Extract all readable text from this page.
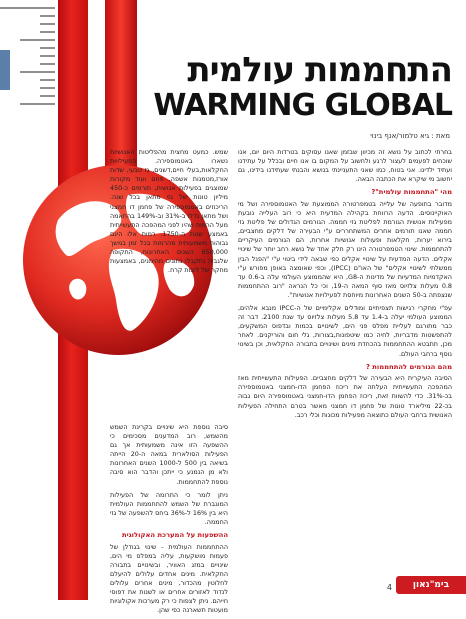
התחממות עולמית
WARMING GLOBAL
מאת : גיא טלמור/אנף בינוי

בחרתי לכתוב על נושא זה מכיוון שבזמן שאנו עסוקים בטרדות היום יום, אנו שוכחים לפעמים לעצור לרגע ולחשוב על המקום בו אנו חיים ובכלל על עתידנו ועתיד ילדינו. אני בטוח, כמו שאני התעניינתי בנושא והבנתי שעתידנו בידינו, גם יחשוב מי שיקרא את הכתבה הבאה.

מהי "התחממות עולמית"?

מדובר בתופעה של עלייה בטמפרטורה הממוצעת של האטמוספירה ושל מי האוקיינוסים. הדעה הרווחת בקהילה המדעית היא כי רוב העלייה נובעת מפעילות אנושית הגורמת לפליטת גזי חממה. הגורמים הגדולים של פליטת גזי חממה שאנו תורמים אחרים המשתחררים ע"י הבעירה של דלקים מחצביים, בירוא יערות, חקלאות ופעולות אנושיות אחרות, הם הגורמים העיקריים להתחממות. שינוי הטמפרטורה הינו רק חלק אחד של נושא רחב יותר של שינויי אקלים. הדעה המדעית על שינויי אקלים כפי שבאה לידי ביטוי ע"י "הפנל הבין ממשלתי לשינויי אקלים" של האו"ם (IPCC), וכפי שאומצה באופן מפורש ע"י האקדמיות המדעיות של מדינות ה-G8, היא שהממוצע העולמי עלה ב-0.6 עד 0.8 מעלות צלזיוס מאז סוף המאה ה-19, וכי כל הנראה "רוב ההתחממות שנצפתה ב-50 השנים האחרונות מיוחסת לפעילויות אנושיות".

עפ"י מחקרי רגישות תצפיתיים ומודלים אקלימיים של ה-IPCC מנבא אלהים, הממוצע העולמי יעלה ב-1.4 עד 5.8 מעלות צלזיוס עד שנת 2100. דבר זה כבר מתורגם לעליית מפלס פני הים, לשינויים בכמות ובדפוס המשקעים, להתפשטות מדבריות, לחיה כמו שיטפונות,בצורות, גלי חום והוריקנים. לאחר מכן, תתבטא ההתחממות בהכחדת מינים ושינויים בתבורה החקלאית, וכן בשינוי נוסף ברחבי העולם.

מהם הגורמים להתחממות ?

הסיבה העיקרית היא הבעירה של דלקים מחצביים. הפעילות התעשייתית מאז המהפכה התעשייתית העלתה את ריכוז הפחמן הדו-חמצני באטמוספירה בכ-31%. כדי להשוות זאת, ריכוז הפחמן הדו-חמצני באטמוספירה היום גבוה בכ-22 מיליארד טונות של פחמן דו חמצני מאשר בטרם התחילה הפעילות האנושית ברחבי העולם כתוצאה מפעילות מכונות וכלי רכב.

שמש. כמעט מחצית מהפליטות האנושיות נשארו באטמוספירה. הפעילויות החקלאות,בעלי חיים,דשנים, גז טבעי, שדות אורז,מטמנות אשפה, פחם ועוד מקורות שמוצגים בפעילות אנושית, תורמים כ-450 מיליון טונות של גזי מתאן בכל שנה. הריכוזים באטמוספירה של פחמן דו חמצני ושל מתאן גדלו ב-31% וב-149% בהתאמה מעל הרמות שהיו לפני המהפכה התעשייתית באמצע שנות ה-1750. רמות אלו הינם גבוהות משמעותית מהרמות בכל זמן במשך 650,000 השנים האחרונות, התקופה שלגביה נתקבלו נתונים מהימנים, באמצעות מחקר של ליבות קרח.

סיבה נוספת היא שינויים בקרינת השמש מהשמש, רוב המדענים מסכימים כי ההשפעה הזו אינה משמעותית אך גם הפעילות הסולארית במאה ה-20 הייתה בשיאה בין 500 ל-1000 השנים האחרונות ולא מן הנמנע כי ייתכן והדבר הוא סיבה נוספת להתחממות.

ניתן לומר כי התרומה של הפעילות המוגברת של השמש להתחממות העולמית היא בין 16% ל-36% ביחס להשפעה של גזי החממה.

ההשפעות על המערכת האקולוגית

ההתחממות העולמית - שינוי בגודלן של פעמות מושקעות, עליה במפלס מי הים, שינויים במזג האוויר, ובשינויים בתבורה החקלאית. מינים אחדים עלולים להיעלם לחלוטין מהכדור, מינים אחרים עלולים לנדוד לאזורים אחרים או לשנות את דפוסי חייהם. ניתן לצפות כי רק מערכות אקולוגיות מועטות תשארנה כפי שהן.

4	בימ"נאון
